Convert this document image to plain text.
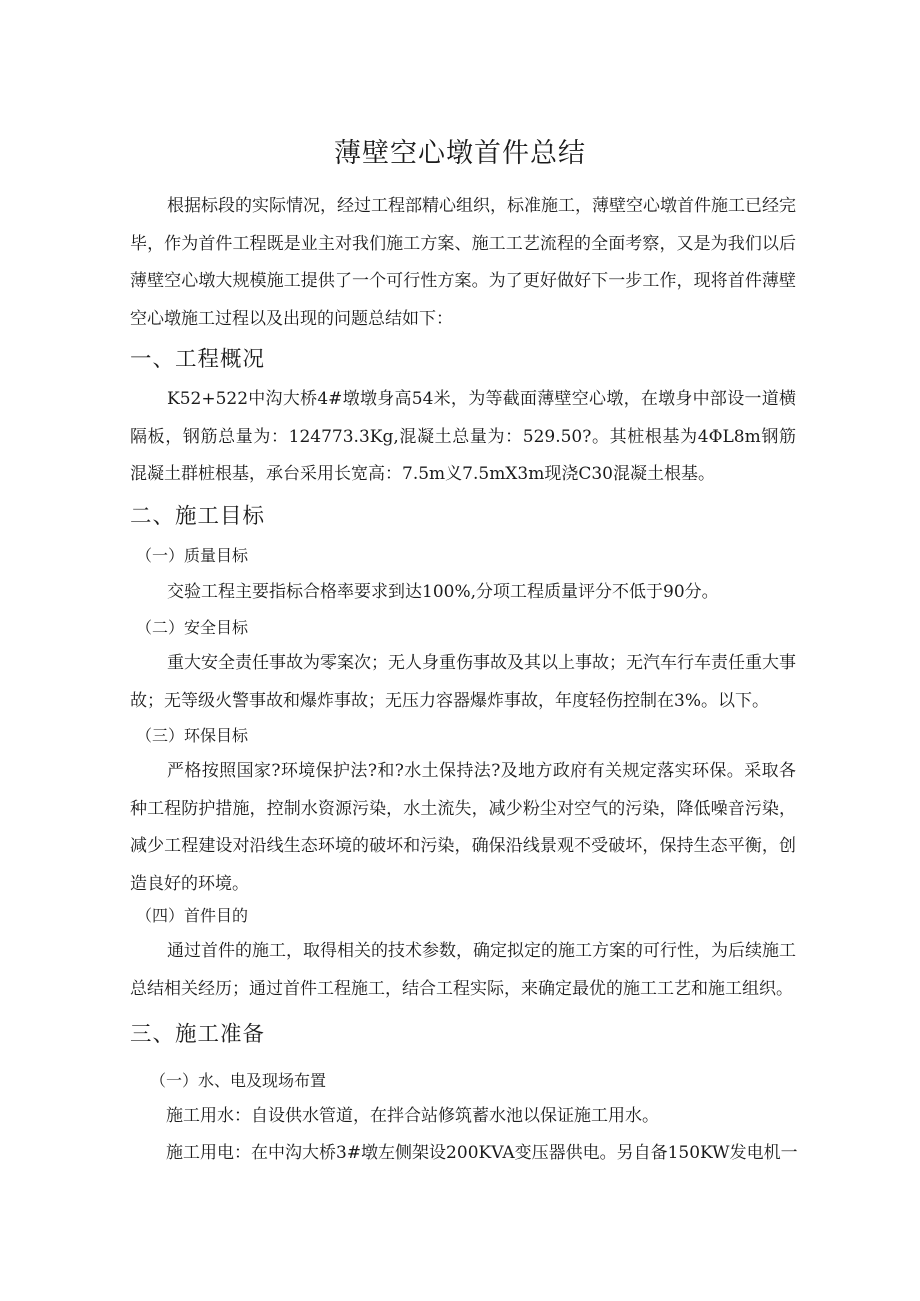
薄壁空心墩首件总结

根据标段的实际情况，经过工程部精心组织，标准施工，薄壁空心墩首件施工已经完毕，作为首件工程既是业主对我们施工方案、施工工艺流程的全面考察，又是为我们以后薄壁空心墩大规模施工提供了一个可行性方案。为了更好做好下一步工作，现将首件薄壁空心墩施工过程以及出现的问题总结如下：

一、工程概况

K52+522中沟大桥4#墩墩身高54米，为等截面薄壁空心墩，在墩身中部设一道横隔板，钢筋总量为：124773.3Kg,混凝土总量为：529.50?。其桩根基为4ΦL8m钢筋混凝土群桩根基，承台采用长宽高：7.5m义7.5mX3m现浇C30混凝土根基。

二、施工目标
（一）质量目标

交验工程主要指标合格率要求到达100%,分项工程质量评分不低于90分。

（二）安全目标

重大安全责任事故为零案次；无人身重伤事故及其以上事故；无汽车行车责任重大事故；无等级火警事故和爆炸事故；无压力容器爆炸事故，年度轻伤控制在3%。以下。

（三）环保目标

严格按照国家?环境保护法?和?水土保持法?及地方政府有关规定落实环保。采取各种工程防护措施，控制水资源污染，水土流失，减少粉尘对空气的污染，降低噪音污染，减少工程建设对沿线生态环境的破坏和污染，确保沿线景观不受破坏，保持生态平衡，创造良好的环境。

（四）首件目的

通过首件的施工，取得相关的技术参数，确定拟定的施工方案的可行性，为后续施工总结相关经历；通过首件工程施工，结合工程实际，来确定最优的施工工艺和施工组织。

三、施工准备
（一）水、电及现场布置
施工用水：自设供水管道，在拌合站修筑蓄水池以保证施工用水。
施工用电：在中沟大桥3#墩左侧架设200KVA变压器供电。另自备150KW发电机一
